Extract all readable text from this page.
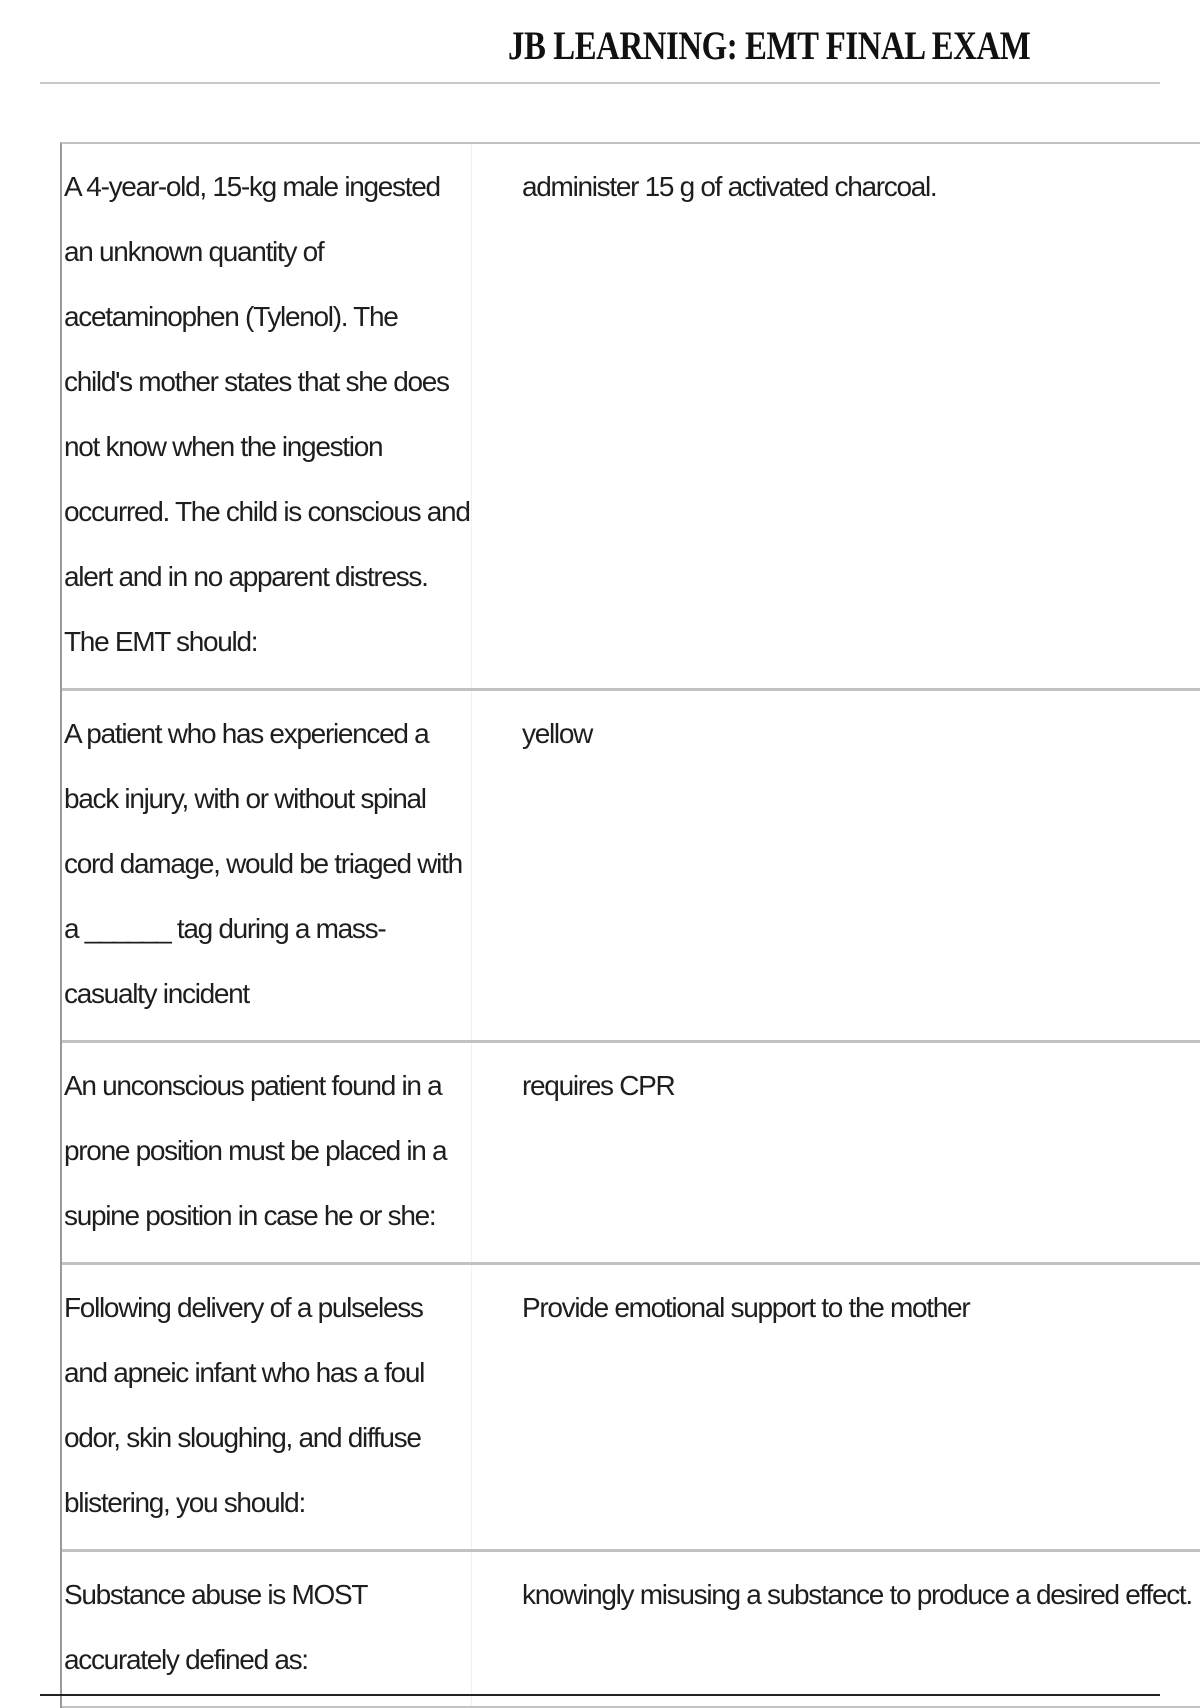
JB LEARNING: EMT FINAL EXAM
A 4-year-old, 15-kg male ingested an unknown quantity of acetaminophen (Tylenol). The child's mother states that she does not know when the ingestion occurred. The child is conscious and alert and in no apparent distress. The EMT should:
administer 15 g of activated charcoal.
A patient who has experienced a back injury, with or without spinal cord damage, would be triaged with a ______ tag during a mass-casualty incident
yellow
An unconscious patient found in a prone position must be placed in a supine position in case he or she:
requires CPR
Following delivery of a pulseless and apneic infant who has a foul odor, skin sloughing, and diffuse blistering, you should:
Provide emotional support to the mother
Substance abuse is MOST accurately defined as:
knowingly misusing a substance to produce a desired effect.
